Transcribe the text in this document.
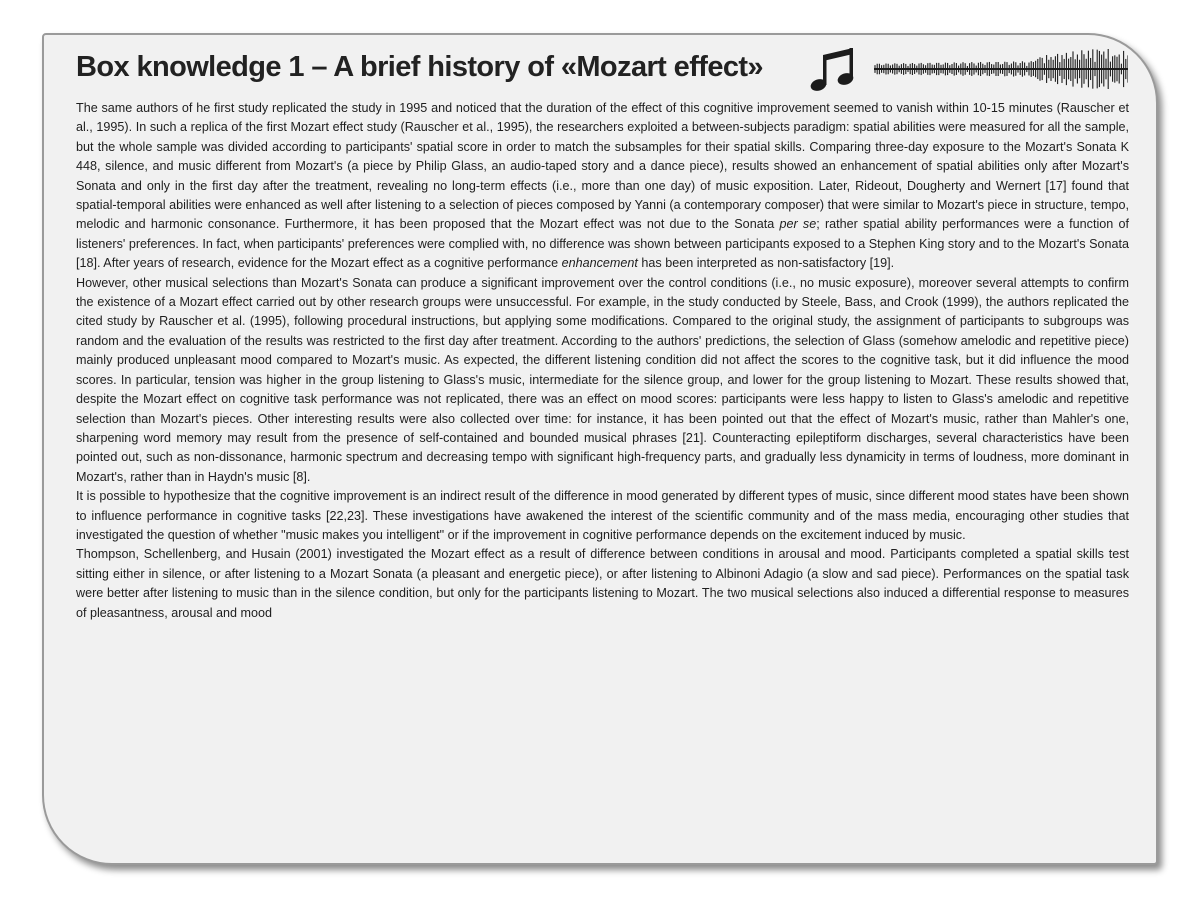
Box knowledge 1 – A brief history of «Mozart effect»

The same authors of he first study replicated the study in 1995 and noticed that the duration of the effect of this cognitive improvement seemed to vanish within 10-15 minutes (Rauscher et al., 1995). In such a replica of the first Mozart effect study (Rauscher et al., 1995), the researchers exploited a between-subjects paradigm: spatial abilities were measured for all the sample, but the whole sample was divided according to participants' spatial score in order to match the subsamples for their spatial skills. Comparing three-day exposure to the Mozart's Sonata K 448, silence, and music different from Mozart's (a piece by Philip Glass, an audio-taped story and a dance piece), results showed an enhancement of spatial abilities only after Mozart's Sonata and only in the first day after the treatment, revealing no long-term effects (i.e., more than one day) of music exposition. Later, Rideout, Dougherty and Wernert [17] found that spatial-temporal abilities were enhanced as well after listening to a selection of pieces composed by Yanni (a contemporary composer) that were similar to Mozart's piece in structure, tempo, melodic and harmonic consonance. Furthermore, it has been proposed that the Mozart effect was not due to the Sonata per se; rather spatial ability performances were a function of listeners' preferences. In fact, when participants' preferences were complied with, no difference was shown between participants exposed to a Stephen King story and to the Mozart's Sonata [18]. After years of research, evidence for the Mozart effect as a cognitive performance enhancement has been interpreted as non-satisfactory [19].

However, other musical selections than Mozart's Sonata can produce a significant improvement over the control conditions (i.e., no music exposure), moreover several attempts to confirm the existence of a Mozart effect carried out by other research groups were unsuccessful. For example, in the study conducted by Steele, Bass, and Crook (1999), the authors replicated the cited study by Rauscher et al. (1995), following procedural instructions, but applying some modifications. Compared to the original study, the assignment of participants to subgroups was random and the evaluation of the results was restricted to the first day after treatment. According to the authors' predictions, the selection of Glass (somehow amelodic and repetitive piece) mainly produced unpleasant mood compared to Mozart's music. As expected, the different listening condition did not affect the scores to the cognitive task, but it did influence the mood scores. In particular, tension was higher in the group listening to Glass's music, intermediate for the silence group, and lower for the group listening to Mozart. These results showed that, despite the Mozart effect on cognitive task performance was not replicated, there was an effect on mood scores: participants were less happy to listen to Glass's amelodic and repetitive selection than Mozart's pieces. Other interesting results were also collected over time: for instance, it has been pointed out that the effect of Mozart's music, rather than Mahler's one, sharpening word memory may result from the presence of self-contained and bounded musical phrases [21]. Counteracting epileptiform discharges, several characteristics have been pointed out, such as non-dissonance, harmonic spectrum and decreasing tempo with significant high-frequency parts, and gradually less dynamicity in terms of loudness, more dominant in Mozart's, rather than in Haydn's music [8].

It is possible to hypothesize that the cognitive improvement is an indirect result of the difference in mood generated by different types of music, since different mood states have been shown to influence performance in cognitive tasks [22,23]. These investigations have awakened the interest of the scientific community and of the mass media, encouraging other studies that investigated the question of whether "music makes you intelligent" or if the improvement in cognitive performance depends on the excitement induced by music.

Thompson, Schellenberg, and Husain (2001) investigated the Mozart effect as a result of difference between conditions in arousal and mood. Participants completed a spatial skills test sitting either in silence, or after listening to a Mozart Sonata (a pleasant and energetic piece), or after listening to Albinoni Adagio (a slow and sad piece). Performances on the spatial task were better after listening to music than in the silence condition, but only for the participants listening to Mozart. The two musical selections also induced a differential response to measures of pleasantness, arousal and mood
